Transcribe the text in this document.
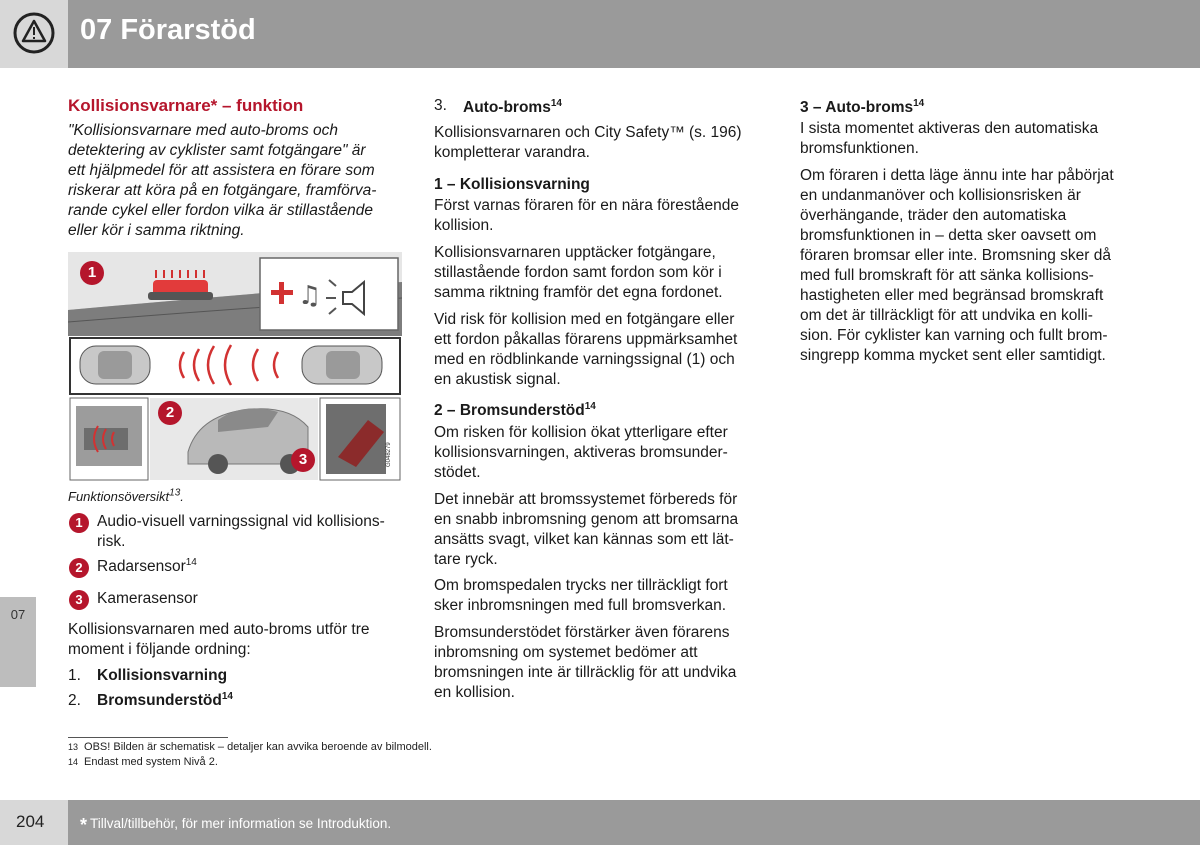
07 Förarstöd
07
Kollisionsvarnare* – funktion
"Kollisionsvarnare med auto-broms och
detektering av cyklister samt fotgängare" är
ett hjälpmedel för att assistera en förare som
riskerar att köra på en fotgängare, framförva-
rande cykel eller fordon vilka är stillastående
eller kör i samma riktning.
♫
G048279
1
2
3
Funktionsöversikt$^{13}$.
1 Audio-visuell varningssignal vid kollisions-
risk.
2 Radarsensor$^{14}$
3 Kamerasensor
Kollisionsvarnaren med auto-broms utför tre
moment i följande ordning:
1. Kollisionsvarning
2. Bromsunderstöd$^{14}$
3. Auto-broms$^{14}$
Kollisionsvarnaren och City Safety™ (s. 196)
kompletterar varandra.
1 – Kollisionsvarning
Först varnas föraren för en nära förestående
kollision.
Kollisionsvarnaren upptäcker fotgängare,
stillastående fordon samt fordon som kör i
samma riktning framför det egna fordonet.
Vid risk för kollision med en fotgängare eller
ett fordon påkallas förarens uppmärksamhet
med en rödblinkande varningssignal (1) och
en akustisk signal.
2 – Bromsunderstöd$^{14}$
Om risken för kollision ökat ytterligare efter
kollisionsvarningen, aktiveras bromsunder-
stödet.
Det innebär att bromssystemet förbereds för
en snabb inbromsning genom att bromsarna
ansätts svagt, vilket kan kännas som ett lät-
tare ryck.
Om bromspedalen trycks ner tillräckligt fort
sker inbromsningen med full bromsverkan.
Bromsunderstödet förstärker även förarens
inbromsning om systemet bedömer att
bromsningen inte är tillräcklig för att undvika
en kollision.
3 – Auto-broms$^{14}$
I sista momentet aktiveras den automatiska
bromsfunktionen.
Om föraren i detta läge ännu inte har påbörjat
en undanmanöver och kollisionsrisken är
överhängande, träder den automatiska
bromsfunktionen in – detta sker oavsett om
föraren bromsar eller inte. Bromsning sker då
med full bromskraft för att sänka kollisions-
hastigheten eller med begränsad bromskraft
om det är tillräckligt för att undvika en kolli-
sion. För cyklister kan varning och fullt brom-
singrepp komma mycket sent eller samtidigt.
13 OBS! Bilden är schematisk – detaljer kan avvika beroende av bilmodell.
14 Endast med system Nivå 2.
204 * Tillval/tillbehör, för mer information se Introduktion.
